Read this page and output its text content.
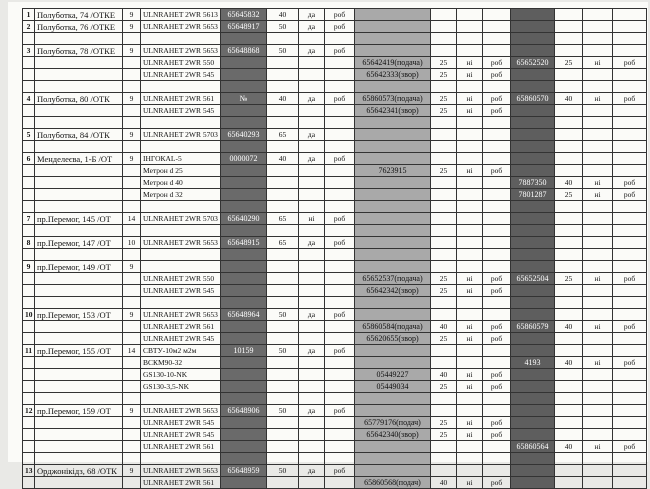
1	Полуботка, 74 /ОТКЕ	9	ULNRAHET 2WR 5613	65645832	40	да	роб								
2	Полуботка, 76 /ОТКЕ	9	ULNRAHET 2WR 5653	65648917	50	да	роб								

3	Полуботка, 78 /ОТКЕ	9	ULNRAHET 2WR 5653	65648868	50	да	роб								
			ULNRAHET 2WR 550					65642419(подача)	25	ні	роб	65652520	25	ні	роб
			ULNRAHET 2WR 545					65642333(звор)	25	ні	роб				

4	Полуботка, 80 /ОТК	9	ULNRAHET 2WR 561	№	40	да	роб	65860573(подача)	25	ні	роб	65860570	40	ні	роб
			ULNRAHET 2WR 545					65642341(звор)	25	ні	роб				

5	Полуботка, 84 /ОТК	9	ULNRAHET 2WR 5703	65640293	65	да									

6	Менделеєва, 1-Б /ОТ	9	ІНГОКАL-5	0000072	40	да	роб								
			Метрон d 25					7623915	25	ні	роб				
			Метрон d 40									7887350	40	ні	роб
			Метрон d 32									7801287	25	ні	роб

7	пр.Перемог, 145 /ОТ	14	ULNRAHET 2WR 5703	65640290	65	ні	роб								

8	пр.Перемог, 147 /ОТ	10	ULNRAHET 2WR 5653	65648915	65	да	роб								

9	пр.Перемог, 149 /ОТ	9													
			ULNRAHET 2WR 550					65652537(подача)	25	ні	роб	65652504	25	ні	роб
			ULNRAHET 2WR 545					65642342(звор)	25	ні	роб				

10	пр.Перемог, 153 /ОТ	9	ULNRAHET 2WR 5653	65648964	50	да	роб								
			ULNRAHET 2WR 561					65860584(подача)	40	ні	роб	65860579	40	ні	роб
			ULNRAHET 2WR 545					65620655(звор)	25	ні	роб				
11	пр.Перемог, 155 /ОТ	14	СВТУ-10м2 м2м	10159	50	да	роб								
			ВСКМ90-32									4193	40	ні	роб
			GS130-10-NK					05449227	40	ні	роб				
			GS130-3,5-NK					05449034	25	ні	роб				

12	пр.Перемог, 159 /ОТ	9	ULNRAHET 2WR 5653	65648906	50	да	роб								
			ULNRAHET 2WR 545					65779176(подач)	25	ні	роб				
			ULNRAHET 2WR 545					65642340(звор)	25	ні	роб				
			ULNRAHET 2WR 561									65860564	40	ні	роб

13	Орджонікідз, 68 /ОТК	9	ULNRAHET 2WR 5653	65648959	50	да	роб								
			ULNRAHET 2WR 561					65860568(подач)	40	ні	роб				
